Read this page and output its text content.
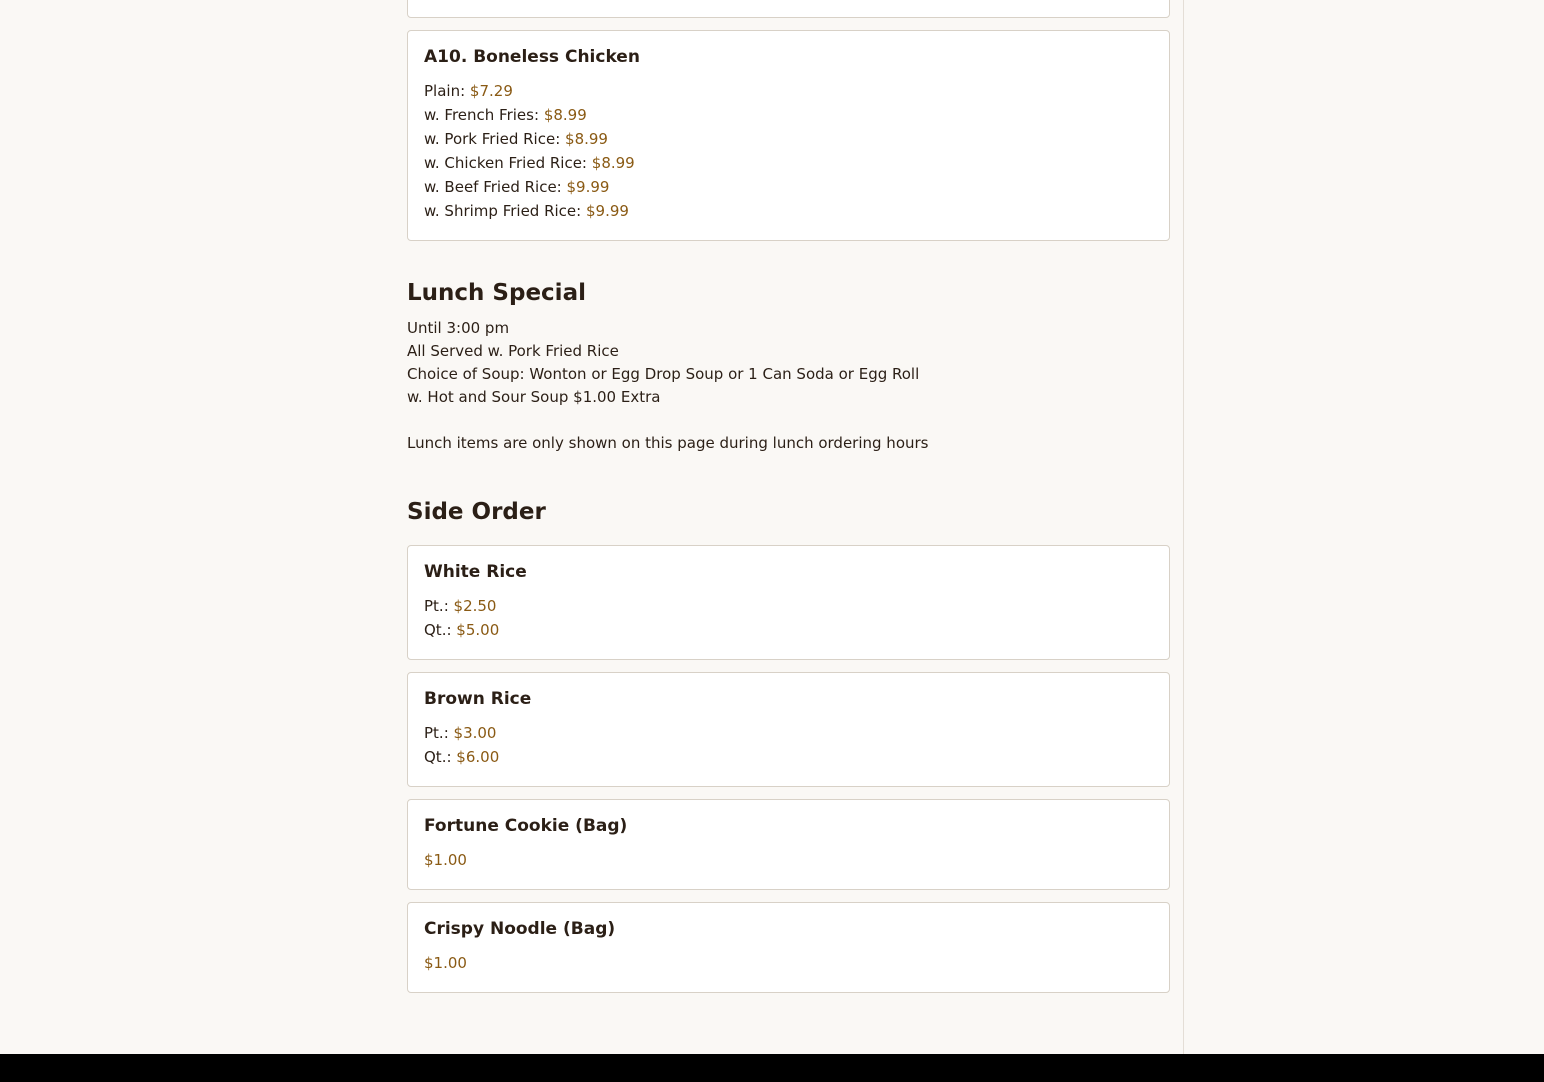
A10. Boneless Chicken
Plain: $7.29
w. French Fries: $8.99
w. Pork Fried Rice: $8.99
w. Chicken Fried Rice: $8.99
w. Beef Fried Rice: $9.99
w. Shrimp Fried Rice: $9.99
Lunch Special
Until 3:00 pm
All Served w. Pork Fried Rice
Choice of Soup: Wonton or Egg Drop Soup or 1 Can Soda or Egg Roll
w. Hot and Sour Soup $1.00 Extra
Lunch items are only shown on this page during lunch ordering hours
Side Order
White Rice
Pt.: $2.50
Qt.: $5.00
Brown Rice
Pt.: $3.00
Qt.: $6.00
Fortune Cookie (Bag)
$1.00
Crispy Noodle (Bag)
$1.00
